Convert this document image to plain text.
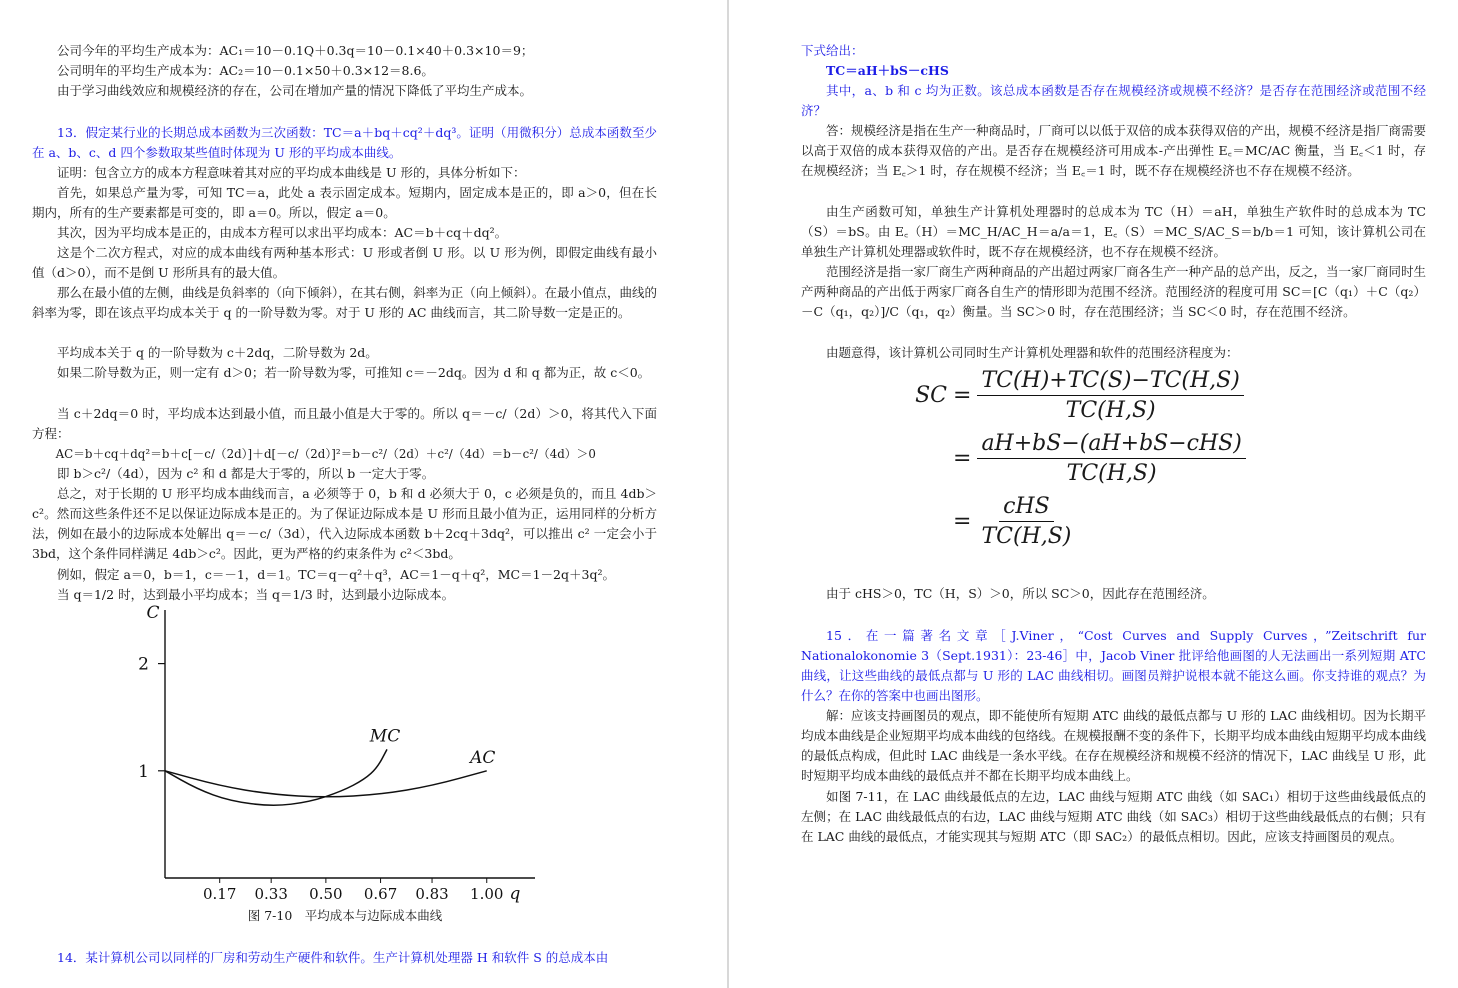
公司今年的平均生产成本为：AC₁＝10－0.1Q＋0.3q＝10－0.1×40＋0.3×10＝9；

公司明年的平均生产成本为：AC₂＝10－0.1×50＋0.3×12＝8.6。

由于学习曲线效应和规模经济的存在，公司在增加产量的情况下降低了平均生产成本。

13．假定某行业的长期总成本函数为三次函数：TC＝a＋bq＋cq²＋dq³。证明（用微积分）总成本函数至少在 a、b、c、d 四个参数取某些值时体现为 U 形的平均成本曲线。

证明：包含立方的成本方程意味着其对应的平均成本曲线是 U 形的，具体分析如下：

首先，如果总产量为零，可知 TC＝a，此处 a 表示固定成本。短期内，固定成本是正的，即 a＞0，但在长期内，所有的生产要素都是可变的，即 a＝0。所以，假定 a＝0。

其次，因为平均成本是正的，由成本方程可以求出平均成本：AC＝b＋cq＋dq²。

这是个二次方程式，对应的成本曲线有两种基本形式：U 形或者倒 U 形。以 U 形为例，即假定曲线有最小值（d＞0），而不是倒 U 形所具有的最大值。

那么在最小值的左侧，曲线是负斜率的（向下倾斜），在其右侧，斜率为正（向上倾斜）。在最小值点，曲线的斜率为零，即在该点平均成本关于 q 的一阶导数为零。对于 U 形的 AC 曲线而言，其二阶导数一定是正的。

平均成本关于 q 的一阶导数为 c＋2dq，二阶导数为 2d。

如果二阶导数为正，则一定有 d＞0；若一阶导数为零，可推知 c＝－2dq。因为 d 和 q 都为正，故 c＜0。

当 c＋2dq＝0 时，平均成本达到最小值，而且最小值是大于零的。所以 q＝－c/（2d）＞0，将其代入下面方程：

AC＝b＋cq＋dq²＝b＋c[－c/（2d）]＋d[－c/（2d）]²＝b－c²/（2d）＋c²/（4d）＝b－c²/（4d）＞0

即 b＞c²/（4d），因为 c² 和 d 都是大于零的，所以 b 一定大于零。

总之，对于长期的 U 形平均成本曲线而言，a 必须等于 0，b 和 d 必须大于 0，c 必须是负的，而且 4db＞c²。然而这些条件还不足以保证边际成本是正的。为了保证边际成本是 U 形而且最小值为正，运用同样的分析方法，例如在最小的边际成本处解出 q＝－c/（3d），代入边际成本函数 b＋2cq＋3dq²，可以推出 c² 一定会小于 3bd，这个条件同样满足 4db＞c²。因此，更为严格的约束条件为 c²＜3bd。

例如，假定 a＝0，b＝1，c＝－1，d＝1。TC＝q－q²＋q³，AC＝1－q＋q²，MC＝1－2q＋3q²。

当 q＝1/2 时，达到最小平均成本；当 q＝1/3 时，达到最小边际成本。

C
q
0.17 0.33 0.50 0.67 0.83 1.00
1
2
MC
AC

图 7-10　平均成本与边际成本曲线

14．某计算机公司以同样的厂房和劳动生产硬件和软件。生产计算机处理器 H 和软件 S 的总成本由

下式给出：

TC＝aH＋bS－cHS

其中，a、b 和 c 均为正数。该总成本函数是否存在规模经济或规模不经济？是否存在范围经济或范围不经济？

答：规模经济是指在生产一种商品时，厂商可以以低于双倍的成本获得双倍的产出，规模不经济是指厂商需要以高于双倍的成本获得双倍的产出。是否存在规模经济可用成本-产出弹性 E꜀＝MC/AC 衡量，当 E꜀＜1 时，存在规模经济；当 E꜀＞1 时，存在规模不经济；当 E꜀＝1 时，既不存在规模经济也不存在规模不经济。

由生产函数可知，单独生产计算机处理器时的总成本为 TC（H）＝aH，单独生产软件时的总成本为 TC（S）＝bS。由 E꜀（H）＝MC_H/AC_H＝a/a＝1，E꜀（S）＝MC_S/AC_S＝b/b＝1 可知，该计算机公司在单独生产计算机处理器或软件时，既不存在规模经济，也不存在规模不经济。

范围经济是指一家厂商生产两种商品的产出超过两家厂商各生产一种产品的总产出，反之，当一家厂商同时生产两种商品的产出低于两家厂商各自生产的情形即为范围不经济。范围经济的程度可用 SC＝[C（q₁）＋C（q₂）－C（q₁，q₂）]/C（q₁，q₂）衡量。当 SC＞0 时，存在范围经济；当 SC＜0 时，存在范围不经济。

由题意得，该计算机公司同时生产计算机处理器和软件的范围经济程度为：

SC = $\frac{TC(H)+TC(S)-TC(H,S)}{TC(H,S)}$
= $\frac{\text{aH+bS−(aH+bS−cHS)}}{TC(H,S)}$
= $\frac{\text{cHS}}{TC(H,S)}$

由于 cHS＞0，TC（H，S）＞0，所以 SC＞0，因此存在范围经济。

15．在一篇著名文章［J.Viner，“Cost Curves and Supply Curves，”Zeitschrift fur Nationalokonomie 3（Sept.1931）：23-46］中，Jacob Viner 批评给他画图的人无法画出一系列短期 ATC 曲线，让这些曲线的最低点都与 U 形的 LAC 曲线相切。画图员辩护说根本就不能这么画。你支持谁的观点？为什么？在你的答案中也画出图形。

解：应该支持画图员的观点，即不能使所有短期 ATC 曲线的最低点都与 U 形的 LAC 曲线相切。因为长期平均成本曲线是企业短期平均成本曲线的包络线。在规模报酬不变的条件下，长期平均成本曲线由短期平均成本曲线的最低点构成，但此时 LAC 曲线是一条水平线。在存在规模经济和规模不经济的情况下，LAC 曲线呈 U 形，此时短期平均成本曲线的最低点并不都在长期平均成本曲线上。

如图 7-11，在 LAC 曲线最低点的左边，LAC 曲线与短期 ATC 曲线（如 SAC₁）相切于这些曲线最低点的左侧；在 LAC 曲线最低点的右边，LAC 曲线与短期 ATC 曲线（如 SAC₃）相切于这些曲线最低点的右侧；只有在 LAC 曲线的最低点，才能实现其与短期 ATC（即 SAC₂）的最低点相切。因此，应该支持画图员的观点。
